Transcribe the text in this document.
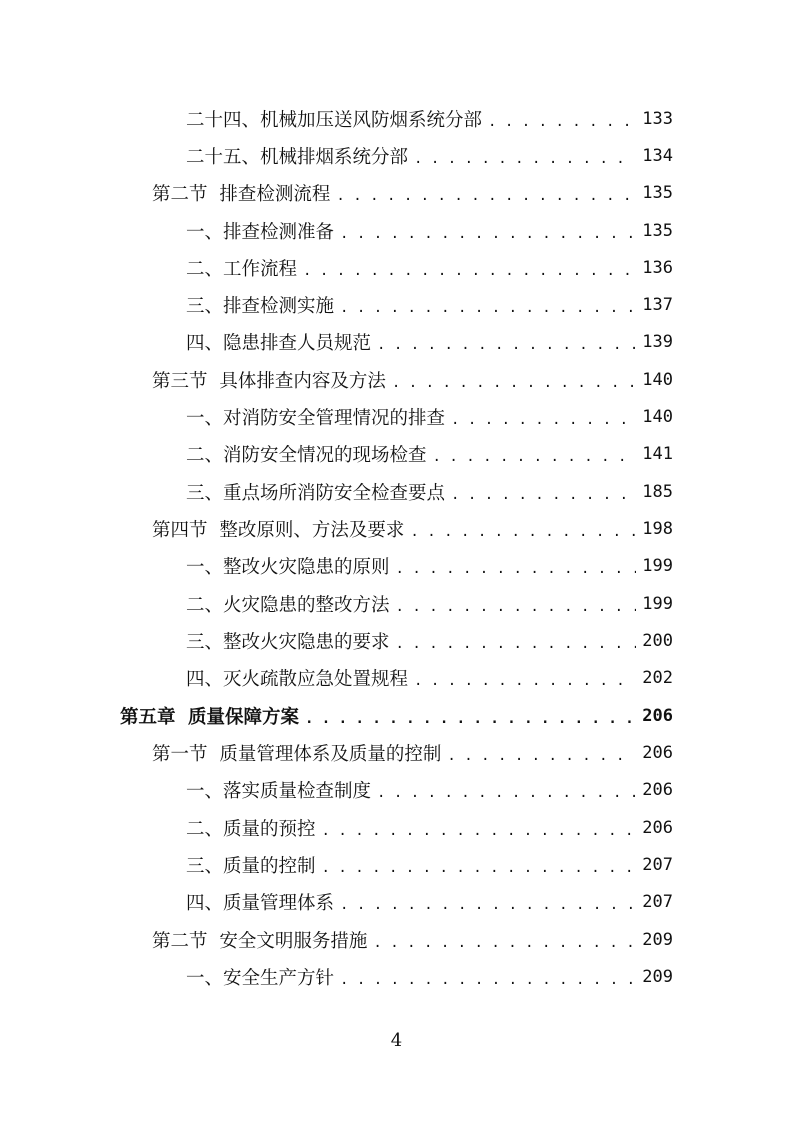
二十四、机械加压送风防烟系统分部 . . .	133
二十五、机械排烟系统分部 . . .	134
第二节 排查检测流程 . . .	135
一、排查检测准备 . . .	135
二、工作流程 . . .	136
三、排查检测实施 . . .	137
四、隐患排查人员规范 . . .	139
第三节 具体排查内容及方法 . . .	140
一、对消防安全管理情况的排查 . . .	140
二、消防安全情况的现场检查 . . .	141
三、重点场所消防安全检查要点 . . .	185
第四节 整改原则、方法及要求 . . .	198
一、整改火灾隐患的原则 . . .	199
二、火灾隐患的整改方法 . . .	199
三、整改火灾隐患的要求 . . .	200
四、灭火疏散应急处置规程 . . .	202
第五章 质量保障方案 . . .	206
第一节 质量管理体系及质量的控制 . . .	206
一、落实质量检查制度 . . .	206
二、质量的预控 . . .	206
三、质量的控制 . . .	207
四、质量管理体系 . . .	207
第二节 安全文明服务措施 . . .	209
一、安全生产方针 . . .	209
4
